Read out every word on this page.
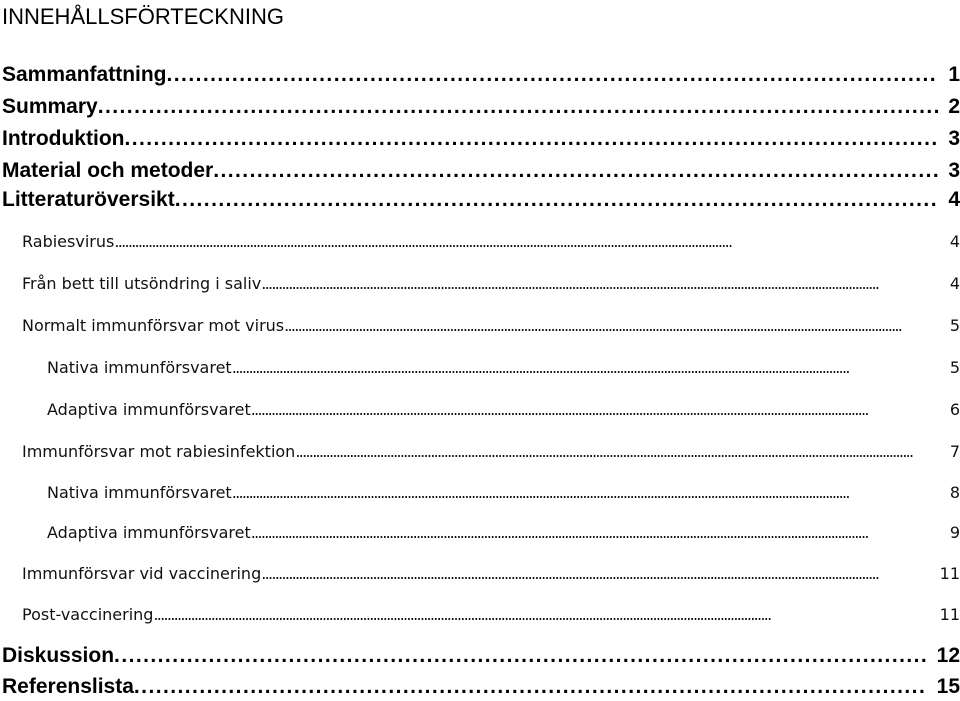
INNEHÅLLSFÖRTECKNING
Sammanfattning . . .	1
Summary . . .	2
Introduktion . . .	3
Material och metoder . . .	3
Litteraturöversikt . . .	4
Rabiesvirus . . .	4
Från bett till utsöndring i saliv . . .	4
Normalt immunförsvar mot virus . . .	5
Nativa immunförsvaret . . .	5
Adaptiva immunförsvaret . . .	6
Immunförsvar mot rabiesinfektion . . .	7
Nativa immunförsvaret . . .	8
Adaptiva immunförsvaret . . .	9
Immunförsvar vid vaccinering . . .	11
Post-vaccinering . . .	11
Diskussion . . .	12
Referenslista . . .	15
